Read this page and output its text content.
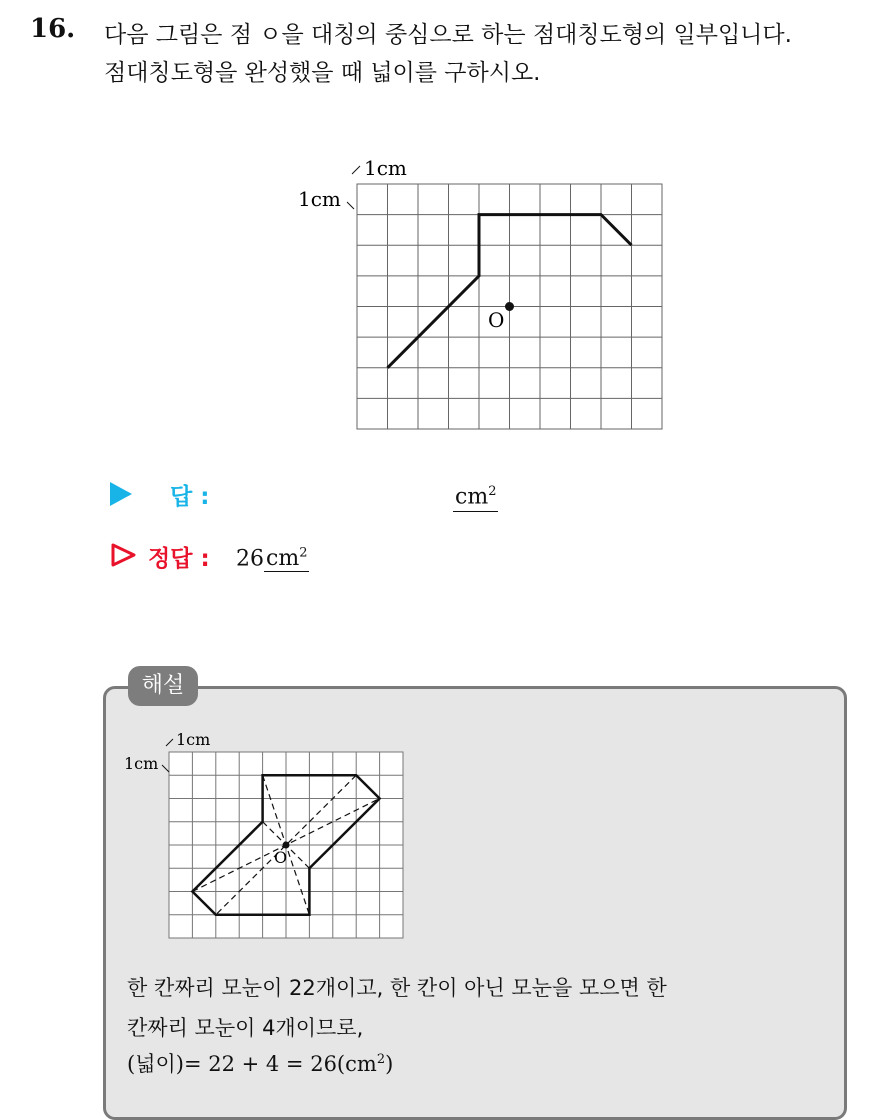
16. 다음 그림은 점 ㅇ을 대칭의 중심으로 하는 점대칭도형의 일부입니다.
점대칭도형을 완성했을 때 넓이를 구하시오.
1cm
1cm
O
답 :	$cm^2$
정답 : $26cm^2$
해설
1cm
1cm
O
한 칸짜리 모눈이 22개이고, 한 칸이 아닌 모눈을 모으면 한
칸짜리 모눈이 4개이므로,
(넓이)= $22 + 4 = 26(cm^2)$
